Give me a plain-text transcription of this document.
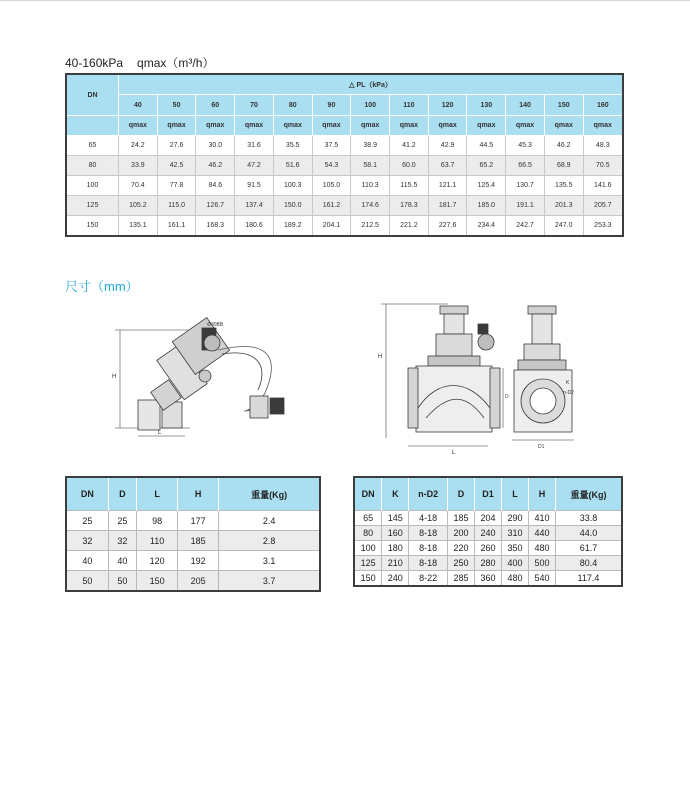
40-160kPa qmax（m³/h）
DN	△ PL（kPa）												
	40	50	60	70	80	90	100	110	120	130	140	150	160
	qmax	qmax	qmax	qmax	qmax	qmax	qmax	qmax	qmax	qmax	qmax	qmax	qmax
65	24.2	27.6	30.0	31.6	35.5	37.5	38.9	41.2	42.9	44.5	45.3	46.2	48.3
80	33.9	42.5	46.2	47.2	51.6	54.3	58.1	60.0	63.7	65.2	66.5	68.9	70.5
100	70.4	77.8	84.6	91.5	100.3	105.0	110.3	115.5	121.1	125.4	130.7	135.5	141.6
125	105.2	115.0	126.7	137.4	150.0	161.2	174.6	178.3	181.7	185.0	191.1	201.3	205.7
150	135.1	161.1	168.3	180.6	189.2	204.1	212.5	221.2	227.6	234.4	242.7	247.0	253.3
尺寸（mm）
Φ30BB
H
L
H
L
D
D1
K
n-D2
DN	D	L	H	重量(Kg)
25	25	98	177	2.4
32	32	110	185	2.8
40	40	120	192	3.1
50	50	150	205	3.7
DN	K	n-D2	D	D1	L	H	重量(Kg)
65	145	4-18	185	204	290	410	33.8
80	160	8-18	200	240	310	440	44.0
100	180	8-18	220	260	350	480	61.7
125	210	8-18	250	280	400	500	80.4
150	240	8-22	285	360	480	540	117.4
